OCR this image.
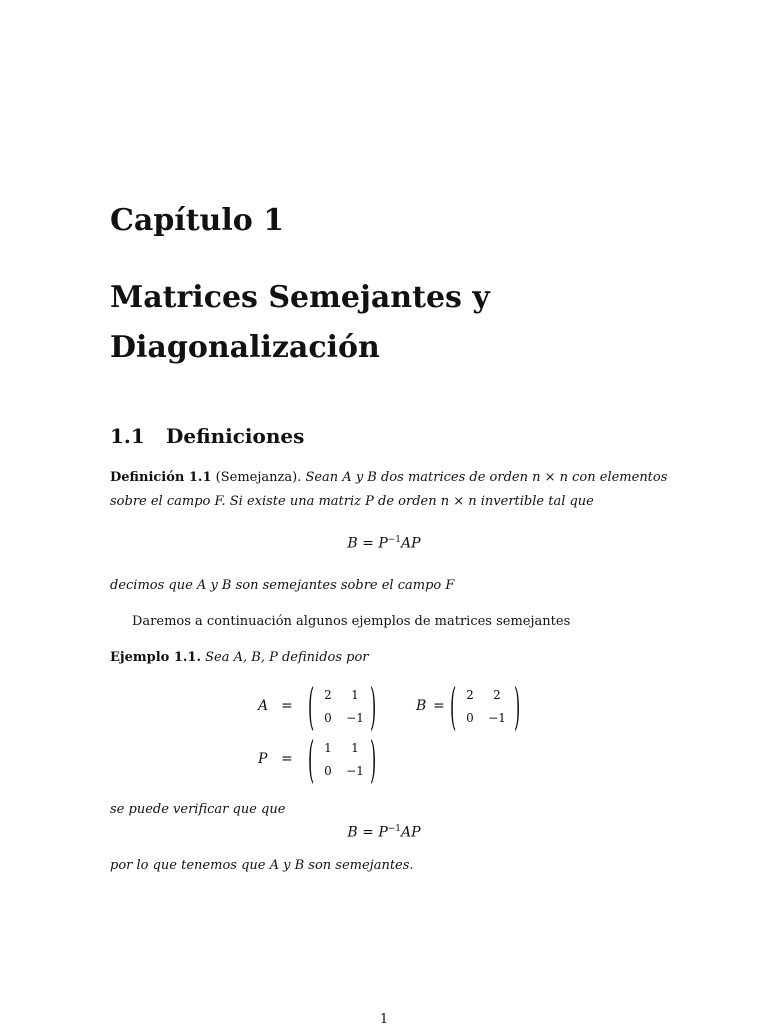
Capítulo 1
Matrices Semejantes y
Diagonalización
1.1 Definiciones
Definición 1.1 (Semejanza). Sean A y B dos matrices de orden n × n con elementos
sobre el campo F. Si existe una matriz P de orden n × n invertible tal que
$B = P^{-1}AP$
decimos que A y B son semejantes sobre el campo F
Daremos a continuación algunos ejemplos de matrices semejantes
Ejemplo 1.1. Sea A, B, P definidos por
A = ( 2	1
0	−1 )	B = ( 2	2
0	−1 )
P = ( 1	1
0	−1 )
se puede verificar que que
$B = P^{-1}AP$
por lo que tenemos que A y B son semejantes.
1
